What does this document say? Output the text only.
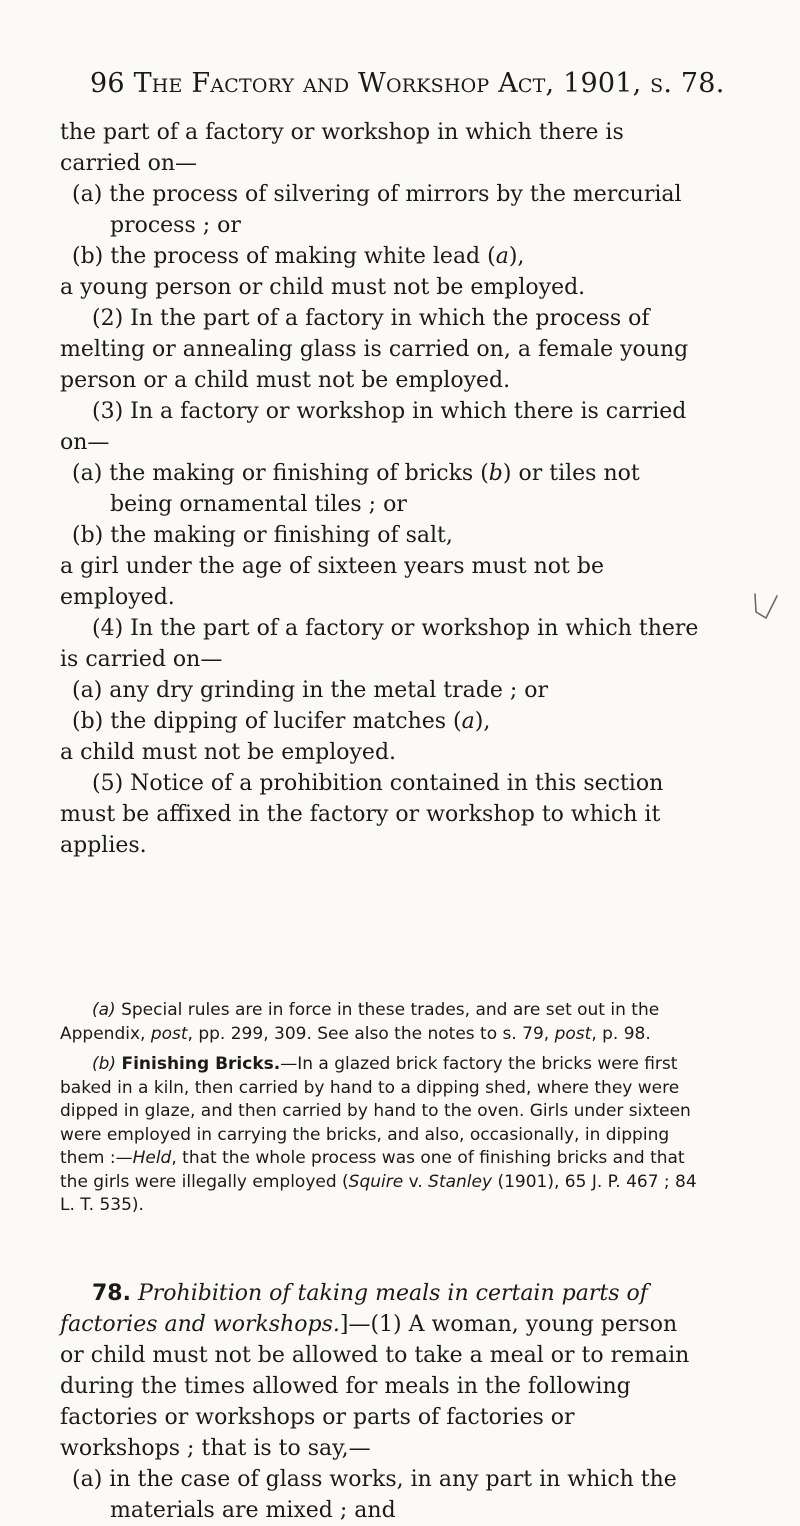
96 The Factory and Workshop Act, 1901, s. 78.

the part of a factory or workshop in which there is carried on—

(a) the process of silvering of mirrors by the mercurial process ; or

(b) the process of making white lead (a),

a young person or child must not be employed.

(2) In the part of a factory in which the process of melting or annealing glass is carried on, a female young person or a child must not be employed.

(3) In a factory or workshop in which there is carried on—

(a) the making or finishing of bricks (b) or tiles not being ornamental tiles ; or

(b) the making or finishing of salt,

a girl under the age of sixteen years must not be employed.

(4) In the part of a factory or workshop in which there is carried on—

(a) any dry grinding in the metal trade ; or

(b) the dipping of lucifer matches (a),

a child must not be employed.

(5) Notice of a prohibition contained in this section must be affixed in the factory or workshop to which it applies.

(a) Special rules are in force in these trades, and are set out in the Appendix, post, pp. 299, 309. See also the notes to s. 79, post, p. 98.

(b) Finishing Bricks.—In a glazed brick factory the bricks were first baked in a kiln, then carried by hand to a dipping shed, where they were dipped in glaze, and then carried by hand to the oven. Girls under sixteen were employed in carrying the bricks, and also, occasionally, in dipping them :—Held, that the whole process was one of finishing bricks and that the girls were illegally employed (Squire v. Stanley (1901), 65 J. P. 467 ; 84 L. T. 535).

78. Prohibition of taking meals in certain parts of factories and workshops.]—(1) A woman, young person or child must not be allowed to take a meal or to remain during the times allowed for meals in the following factories or workshops or parts of factories or workshops ; that is to say,—

(a) in the case of glass works, in any part in which the materials are mixed ; and
